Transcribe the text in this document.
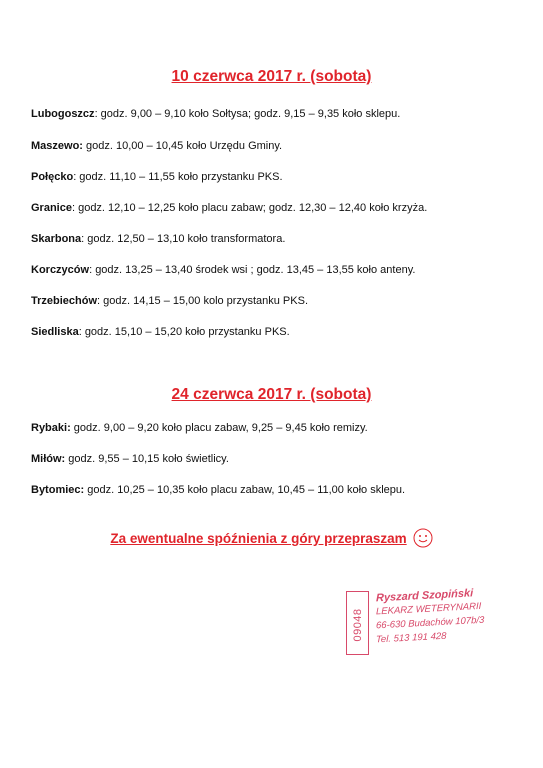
10 czerwca 2017 r. (sobota)
Lubogoszcz: godz. 9,00 – 9,10 koło Sołtysa; godz. 9,15 – 9,35 koło sklepu.
Maszewo: godz. 10,00 – 10,45 koło Urzędu Gminy.
Połęcko: godz. 11,10 – 11,55 koło przystanku PKS.
Granice: godz. 12,10 – 12,25 koło placu zabaw; godz. 12,30 – 12,40 koło krzyża.
Skarbona: godz. 12,50 – 13,10 koło transformatora.
Korczyców: godz. 13,25 – 13,40 środek wsi ; godz. 13,45 – 13,55 koło anteny.
Trzebiechów: godz. 14,15 – 15,00 kolo przystanku PKS.
Siedliska: godz. 15,10 – 15,20 koło przystanku PKS.
24 czerwca 2017 r. (sobota)
Rybaki: godz. 9,00 – 9,20 koło placu zabaw, 9,25 – 9,45 koło remizy.
Miłów: godz. 9,55 – 10,15 koło świetlicy.
Bytomiec: godz. 10,25 – 10,35 koło placu zabaw, 10,45 – 11,00 koło sklepu.
Za ewentualne spóźnienia z góry przepraszam
09048
Ryszard Szopiński
LEKARZ WETERYNARII
66-630 Budachów 107b/3
Tel. 513 191 428
